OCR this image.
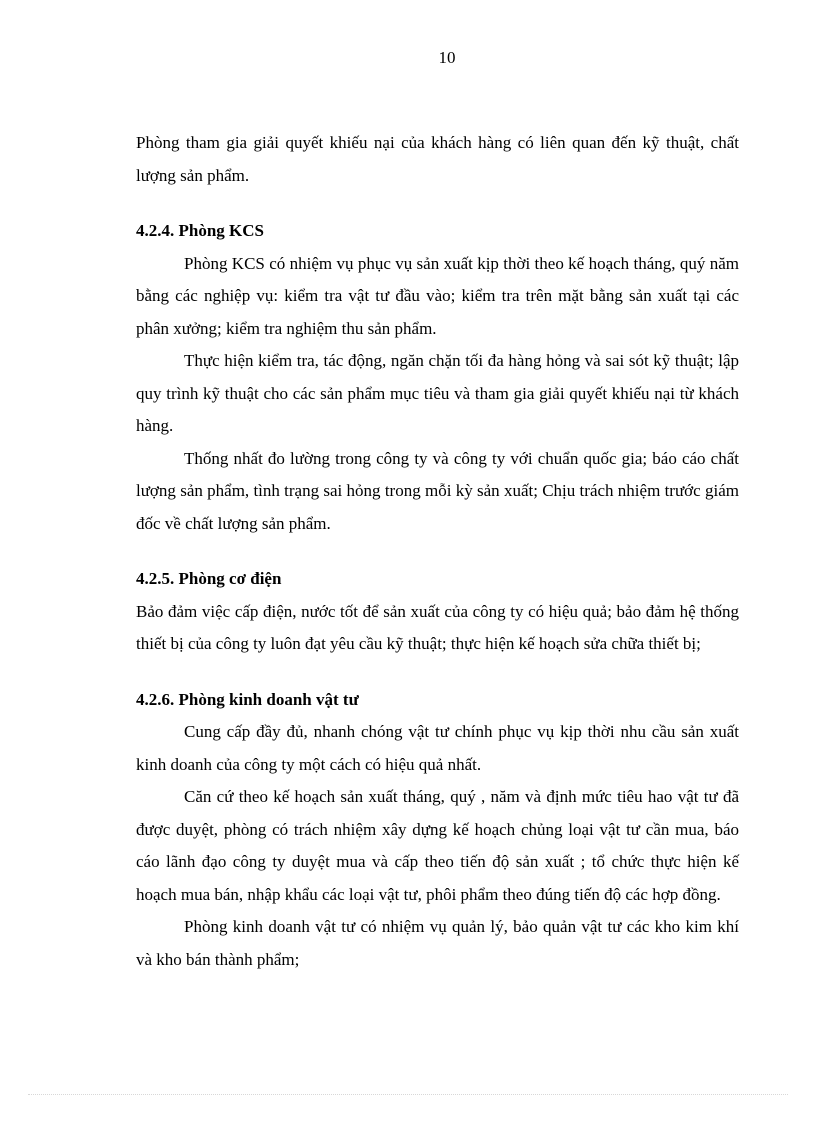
10

Phòng tham gia giải quyết khiếu nại của khách hàng có liên quan đến kỹ thuật, chất lượng sản phẩm.

4.2.4. Phòng KCS

Phòng KCS có nhiệm vụ phục vụ sản xuất kịp thời theo kế hoạch tháng, quý năm bằng các nghiệp vụ: kiểm tra vật tư đầu vào; kiểm tra trên mặt bằng sản xuất tại các phân xưởng; kiểm tra nghiệm thu sản phẩm.

Thực hiện kiểm tra, tác động, ngăn chặn tối đa hàng hỏng và sai sót kỹ thuật; lập quy trình kỹ thuật cho các sản phẩm mục tiêu và tham gia giải quyết khiếu nại từ khách hàng.

Thống nhất đo lường trong công ty và công ty với chuẩn quốc gia; báo cáo chất lượng sản phẩm, tình trạng sai hỏng trong mỗi kỳ sản xuất; Chịu trách nhiệm trước giám đốc về chất lượng sản phẩm.

4.2.5. Phòng cơ điện

Bảo đảm việc cấp điện, nước tốt để sản xuất của công ty có hiệu quả; bảo đảm hệ thống thiết bị của công ty luôn đạt yêu cầu kỹ thuật; thực hiện kế hoạch sửa chữa thiết bị;

4.2.6. Phòng kinh doanh vật tư

Cung cấp đầy đủ, nhanh chóng vật tư chính phục vụ kịp thời nhu cầu sản xuất kinh doanh của công ty một cách có hiệu quả nhất.

Căn cứ theo kế hoạch sản xuất tháng, quý , năm và định mức tiêu hao vật tư đã được duyệt, phòng có trách nhiệm xây dựng kế hoạch chủng loại vật tư cần mua, báo cáo lãnh đạo công ty duyệt mua và cấp theo tiến độ sản xuất ; tổ chức thực hiện kế hoạch mua bán, nhập khẩu các loại vật tư, phôi phẩm theo đúng tiến độ các hợp đồng.

Phòng kinh doanh vật tư có nhiệm vụ quản lý, bảo quản vật tư các kho kim khí và kho bán thành phẩm;
